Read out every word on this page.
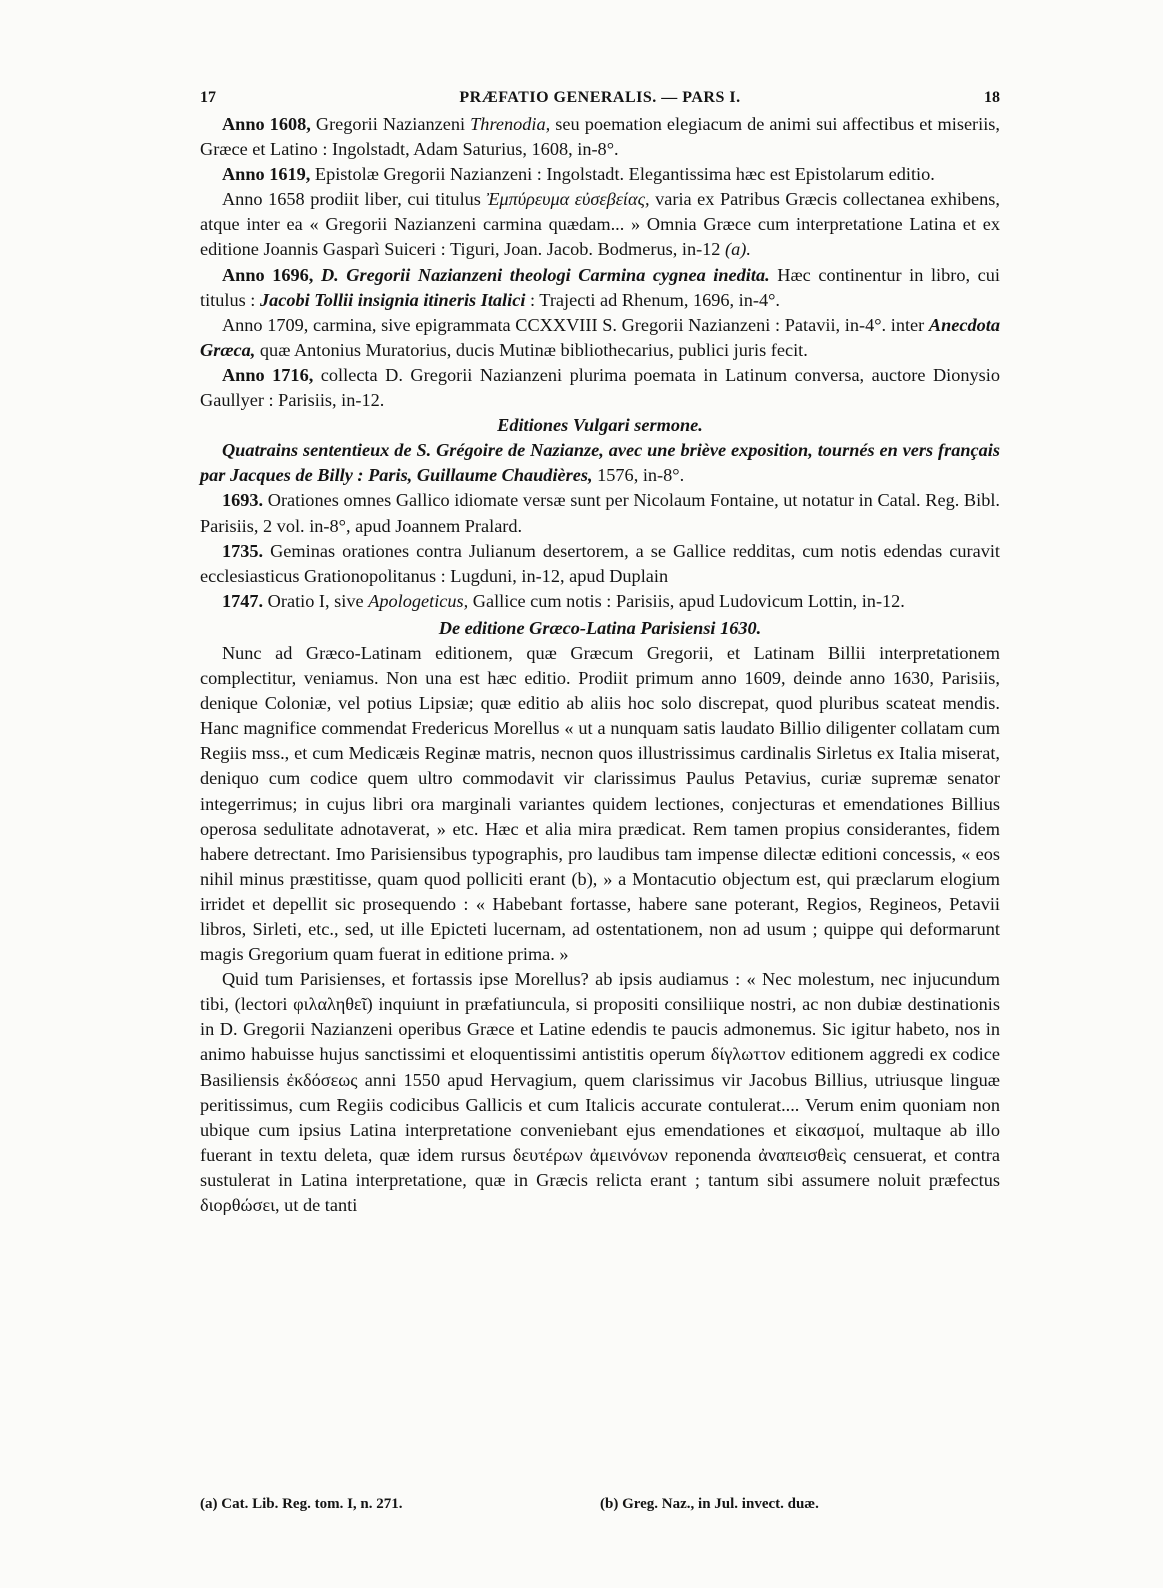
17	PRÆFATIO GENERALIS. — PARS I.	18

Anno 1608, Gregorii Nazianzeni Threnodia, seu poemation elegiacum de animi sui affectibus et miseriis, Græce et Latino : Ingolstadt, Adam Saturius, 1608, in-8°.

Anno 1619, Epistolæ Gregorii Nazianzeni : Ingolstadt. Elegantissima hæc est Epistolarum editio.

Anno 1658 prodiit liber, cui titulus Ἐμπύρευμα εὐσεβείας, varia ex Patribus Græcis collectanea exhibens, atque inter ea « Gregorii Nazianzeni carmina quædam... » Omnia Græce cum interpretatione Latina et ex editione Joannis Gasparì Suiceri : Tiguri, Joan. Jacob. Bodmerus, in-12 (a).

Anno 1696, D. Gregorii Nazianzeni theologi Carmina cygnea inedita. Hæc continentur in libro, cui titulus : Jacobi Tollii insignia itineris Italici : Trajecti ad Rhenum, 1696, in-4°.

Anno 1709, carmina, sive epigrammata CCXXVIII S. Gregorii Nazianzeni : Patavii, in-4°. inter Anecdota Græca, quæ Antonius Muratorius, ducis Mutinæ bibliothecarius, publici juris fecit.

Anno 1716, collecta D. Gregorii Nazianzeni plurima poemata in Latinum conversa, auctore Dionysio Gaullyer : Parisiis, in-12.

Editiones Vulgari sermone.

Quatrains sententieux de S. Grégoire de Nazianze, avec une briève exposition, tournés en vers français par Jacques de Billy : Paris, Guillaume Chaudières, 1576, in-8°.

1693. Orationes omnes Gallico idiomate versæ sunt per Nicolaum Fontaine, ut notatur in Catal. Reg. Bibl. Parisiis, 2 vol. in-8°, apud Joannem Pralard.

1735. Geminas orationes contra Julianum desertorem, a se Gallice redditas, cum notis edendas curavit ecclesiasticus Grationopolitanus : Lugduni, in-12, apud Duplain

1747. Oratio I, sive Apologeticus, Gallice cum notis : Parisiis, apud Ludovicum Lottin, in-12.

De editione Græco-Latina Parisiensi 1630.

Nunc ad Græco-Latinam editionem, quæ Græcum Gregorii, et Latinam Billii interpretationem complectitur, veniamus. Non una est hæc editio. Prodiit primum anno 1609, deinde anno 1630, Parisiis, denique Coloniæ, vel potius Lipsiæ; quæ editio ab aliis hoc solo discrepat, quod pluribus scateat mendis. Hanc magnifice commendat Fredericus Morellus « ut a nunquam satis laudato Billio diligenter collatam cum Regiis mss., et cum Medicæis Reginæ matris, necnon quos illustrissimus cardinalis Sirletus ex Italia miserat, deniquo cum codice quem ultro commodavit vir clarissimus Paulus Petavius, curiæ supremæ senator integerrimus; in cujus libri ora marginali variantes quidem lectiones, conjecturas et emendationes Billius operosa sedulitate adnotaverat, » etc. Hæc et alia mira prædicat. Rem tamen propius considerantes, fidem habere detrectant. Imo Parisiensibus typographis, pro laudibus tam impense dilectæ editioni concessis, « eos nihil minus præstitisse, quam quod polliciti erant (b), » a Montacutio objectum est, qui præclarum elogium irridet et depellit sic prosequendo : « Habebant fortasse, habere sane poterant, Regios, Regineos, Petavii libros, Sirleti, etc., sed, ut ille Epicteti lucernam, ad ostentationem, non ad usum ; quippe qui deformarunt magis Gregorium quam fuerat in editione prima. »

Quid tum Parisienses, et fortassis ipse Morellus? ab ipsis audiamus : « Nec molestum, nec injucundum tibi, (lectori φιλαληθεῖ) inquiunt in præfatiuncula, si propositi consiliique nostri, ac non dubiæ destinationis in D. Gregorii Nazianzeni operibus Græce et Latine edendis te paucis admonemus. Sic igitur habeto, nos in animo habuisse hujus sanctissimi et eloquentissimi antistitis operum δίγλωττον editionem aggredi ex codice Basiliensis ἐκδόσεως anni 1550 apud Hervagium, quem clarissimus vir Jacobus Billius, utriusque linguæ peritissimus, cum Regiis codicibus Gallicis et cum Italicis accurate contulerat.... Verum enim quoniam non ubique cum ipsius Latina interpretatione conveniebant ejus emendationes et εἰκασμοί, multaque ab illo fuerant in textu deleta, quæ idem rursus δευτέρων ἀμεινόνων reponenda ἀναπεισθεὶς censuerat, et contra sustulerat in Latina interpretatione, quæ in Græcis relicta erant ; tantum sibi assumere noluit præfectus διορθώσει, ut de tanti

(a) Cat. Lib. Reg. tom. I, n. 271.	(b) Greg. Naz., in Jul. invect. duæ.
